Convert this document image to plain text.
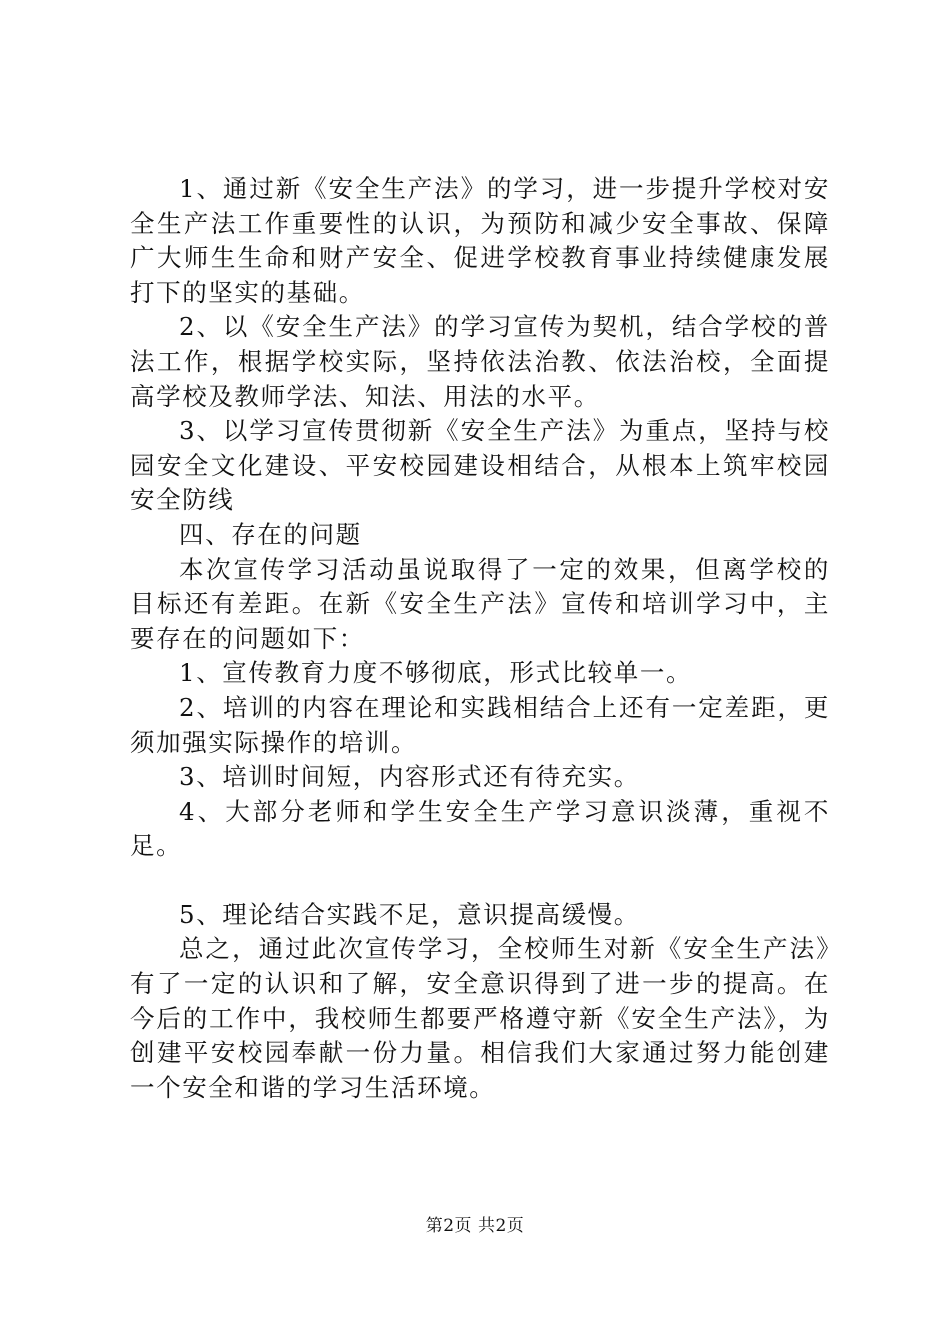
1、通过新《安全生产法》的学习，进一步提升学校对安全生产法工作重要性的认识，为预防和减少安全事故、保障广大师生生命和财产安全、促进学校教育事业持续健康发展打下的坚实的基础。

2、以《安全生产法》的学习宣传为契机，结合学校的普法工作，根据学校实际，坚持依法治教、依法治校，全面提高学校及教师学法、知法、用法的水平。

3、以学习宣传贯彻新《安全生产法》为重点，坚持与校园安全文化建设、平安校园建设相结合，从根本上筑牢校园安全防线

四、存在的问题

本次宣传学习活动虽说取得了一定的效果，但离学校的目标还有差距。在新《安全生产法》宣传和培训学习中，主要存在的问题如下：

1、宣传教育力度不够彻底，形式比较单一。

2、培训的内容在理论和实践相结合上还有一定差距，更须加强实际操作的培训。

3、培训时间短，内容形式还有待充实。

4、大部分老师和学生安全生产学习意识淡薄，重视不足。

5、理论结合实践不足，意识提高缓慢。

总之，通过此次宣传学习，全校师生对新《安全生产法》有了一定的认识和了解，安全意识得到了进一步的提高。在今后的工作中，我校师生都要严格遵守新《安全生产法》，为创建平安校园奉献一份力量。相信我们大家通过努力能创建一个安全和谐的学习生活环境。

第2页 共2页
